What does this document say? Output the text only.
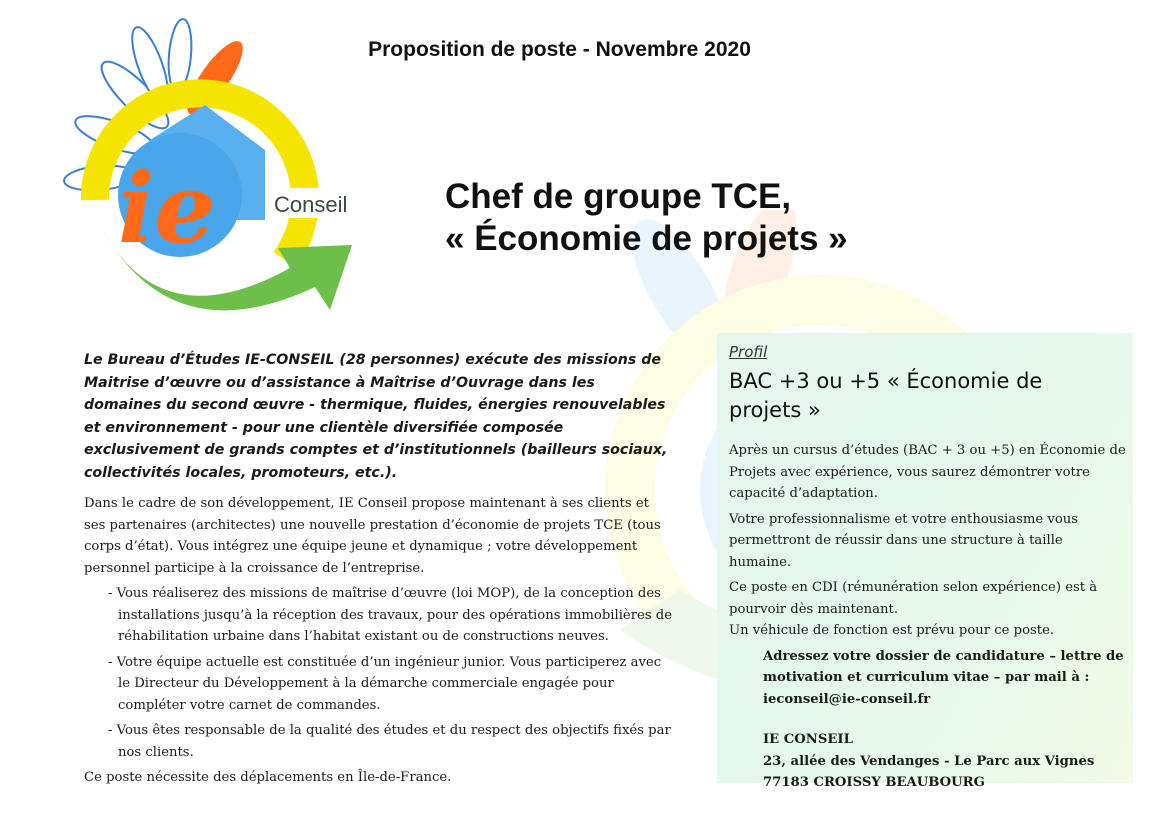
ie	Conseil
Proposition de poste - Novembre 2020
Chef de groupe TCE,
« Économie de projets »

Le Bureau d’Études IE-CONSEIL (28 personnes) exécute des missions de Maitrise d’œuvre ou d’assistance à Maîtrise d’Ouvrage dans les domaines du second œuvre - thermique, fluides, énergies renouvelables et environnement - pour une clientèle diversifiée composée exclusivement de grands comptes et d’institutionnels (bailleurs sociaux, collectivités locales, promoteurs, etc.).

Dans le cadre de son développement, IE Conseil propose maintenant à ses clients et ses partenaires (architectes) une nouvelle prestation d’économie de projets TCE (tous corps d’état). Vous intégrez une équipe jeune et dynamique ; votre développement personnel participe à la croissance de l’entreprise.

- Vous réaliserez des missions de maîtrise d’œuvre (loi MOP), de la conception des installations jusqu’à la réception des travaux, pour des opérations immobilières de réhabilitation urbaine dans l’habitat existant ou de constructions neuves.

- Votre équipe actuelle est constituée d’un ingénieur junior. Vous participerez avec le Directeur du Développement à la démarche commerciale engagée pour compléter votre carnet de commandes.

- Vous êtes responsable de la qualité des études et du respect des objectifs fixés par nos clients.

Ce poste nécessite des déplacements en Île-de-France.

Profil
BAC +3 ou +5 « Économie de projets »

Après un cursus d’études (BAC + 3 ou +5) en Économie de Projets avec expérience, vous saurez démontrer votre capacité d’adaptation.

Votre professionnalisme et votre enthousiasme vous permettront de réussir dans une structure à taille humaine.

Ce poste en CDI (rémunération selon expérience) est à pourvoir dès maintenant.

Un véhicule de fonction est prévu pour ce poste.

Adressez votre dossier de candidature – lettre de

motivation et curriculum vitae – par mail à :

ieconseil@ie-conseil.fr

IE CONSEIL

23, allée des Vendanges - Le Parc aux Vignes

77183 CROISSY BEAUBOURG
